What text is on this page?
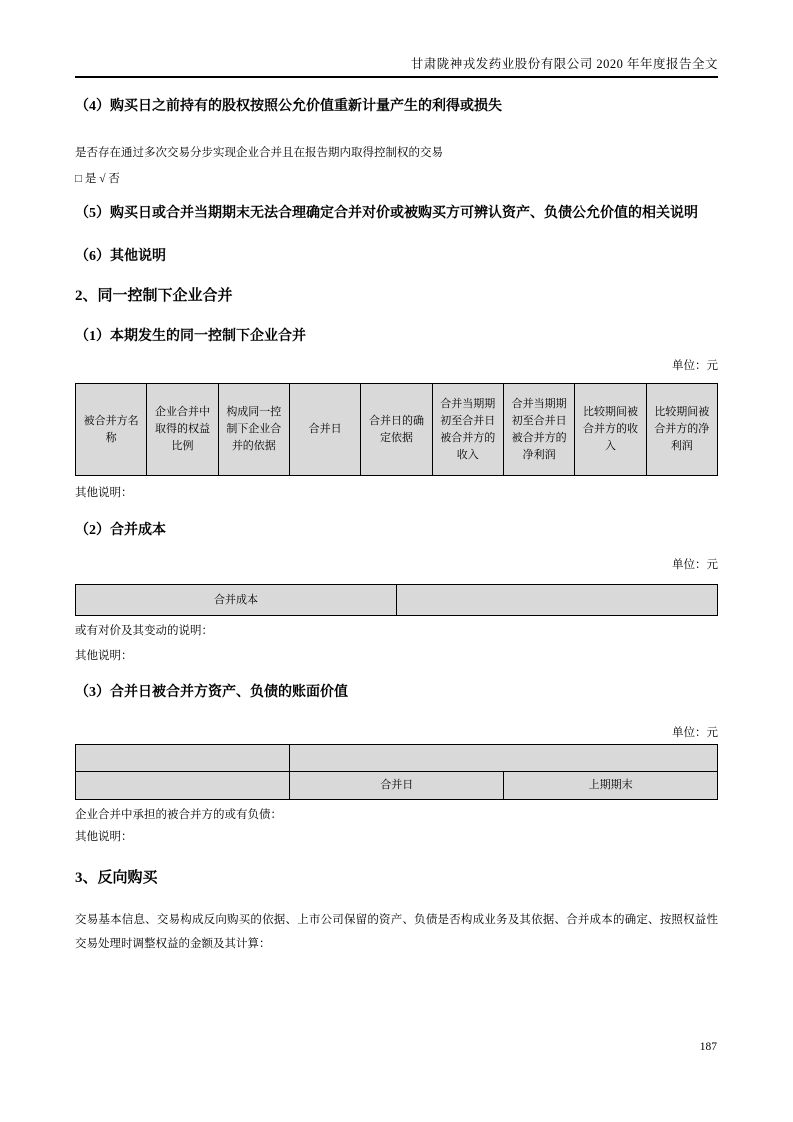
甘肃陇神戎发药业股份有限公司 2020 年年度报告全文
（4）购买日之前持有的股权按照公允价值重新计量产生的利得或损失

是否存在通过多次交易分步实现企业合并且在报告期内取得控制权的交易

□ 是 √ 否

（5）购买日或合并当期期末无法合理确定合并对价或被购买方可辨认资产、负债公允价值的相关说明
（6）其他说明
2、同一控制下企业合并
（1）本期发生的同一控制下企业合并
单位：元
被合并方名称	企业合并中取得的权益比例	构成同一控制下企业合并的依据	合并日	合并日的确定依据	合并当期期初至合并日被合并方的收入	合并当期期初至合并日被合并方的净利润	比较期间被合并方的收入	比较期间被合并方的净利润

其他说明：

（2）合并成本
单位：元
合并成本	

或有对价及其变动的说明：

其他说明：

（3）合并日被合并方资产、负债的账面价值
单位：元

	合并日	上期期末

企业合并中承担的被合并方的或有负债：

其他说明：

3、反向购买

交易基本信息、交易构成反向购买的依据、上市公司保留的资产、负债是否构成业务及其依据、合并成本的确定、按照权益性交易处理时调整权益的金额及其计算：

187
